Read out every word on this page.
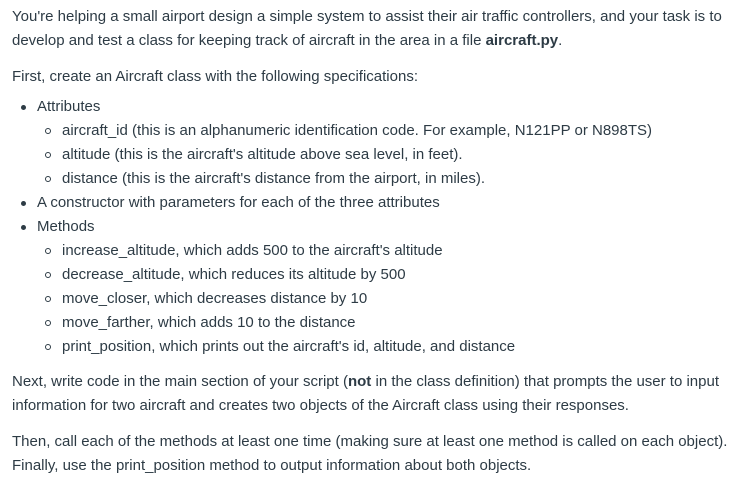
You're helping a small airport design a simple system to assist their air traffic controllers, and your task is to develop and test a class for keeping track of aircraft in the area in a file aircraft.py.

First, create an Aircraft class with the following specifications:

Attributes
aircraft_id (this is an alphanumeric identification code. For example, N121PP or N898TS)
altitude (this is the aircraft's altitude above sea level, in feet).
distance (this is the aircraft's distance from the airport, in miles).
A constructor with parameters for each of the three attributes
Methods
increase_altitude, which adds 500 to the aircraft's altitude
decrease_altitude, which reduces its altitude by 500
move_closer, which decreases distance by 10
move_farther, which adds 10 to the distance
print_position, which prints out the aircraft's id, altitude, and distance

Next, write code in the main section of your script (not in the class definition) that prompts the user to input information for two aircraft and creates two objects of the Aircraft class using their responses.

Then, call each of the methods at least one time (making sure at least one method is called on each object). Finally, use the print_position method to output information about both objects.
